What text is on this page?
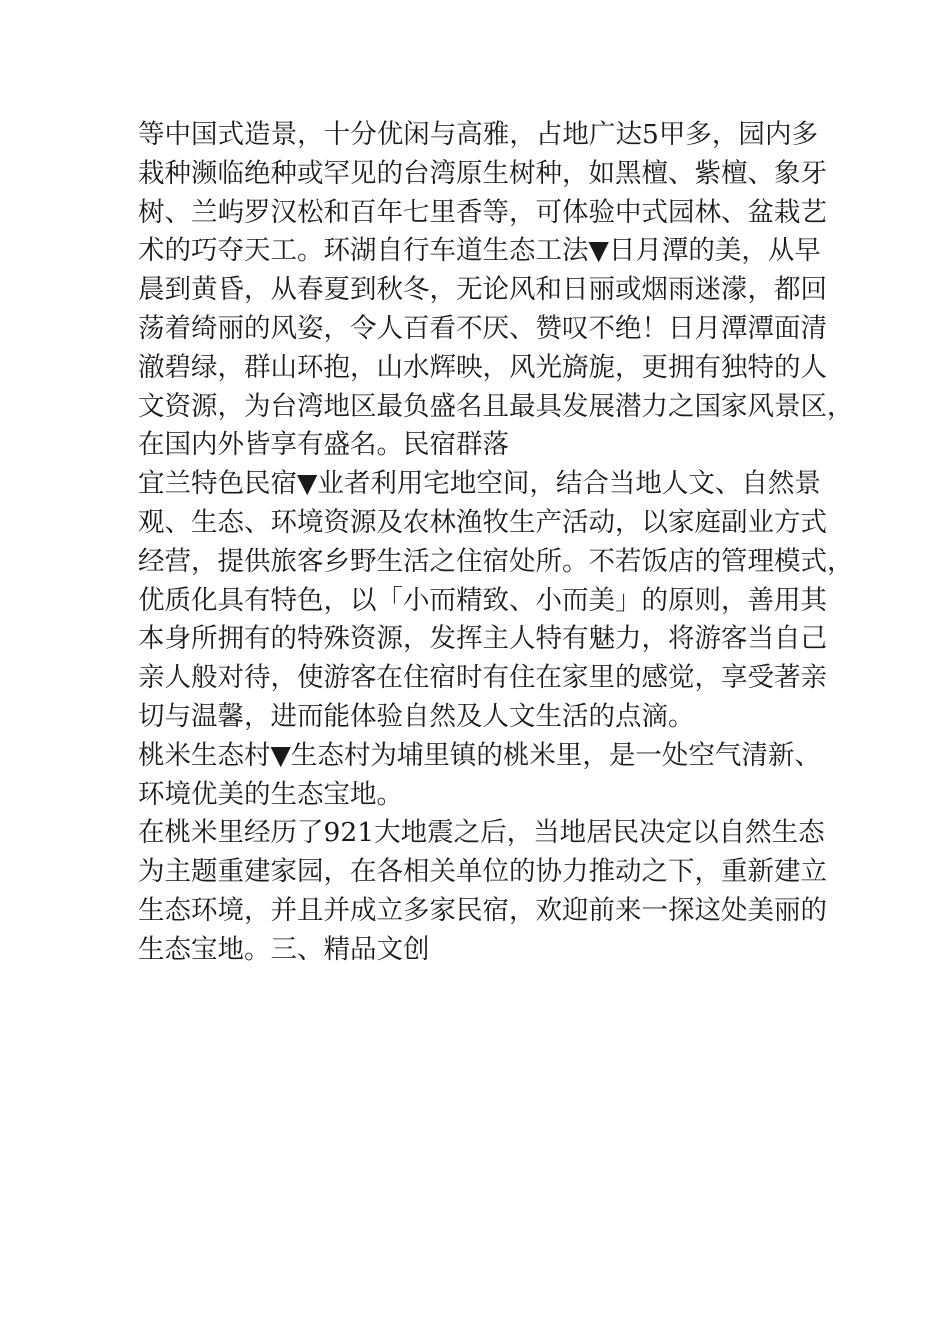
等中国式造景，十分优闲与高雅，占地广达5甲多，园内多
栽种濒临绝种或罕见的台湾原生树种，如黑檀、紫檀、象牙
树、兰屿罗汉松和百年七里香等，可体验中式园林、盆栽艺
术的巧夺天工。环湖自行车道生态工法▼日月潭的美，从早
晨到黄昏，从春夏到秋冬，无论风和日丽或烟雨迷濛，都回
荡着绮丽的风姿，令人百看不厌、赞叹不绝！日月潭潭面清
澈碧绿，群山环抱，山水辉映，风光旖旎，更拥有独特的人
文资源，为台湾地区最负盛名且最具发展潜力之国家风景区，
在国内外皆享有盛名。民宿群落
宜兰特色民宿▼业者利用宅地空间，结合当地人文、自然景
观、生态、环境资源及农林渔牧生产活动，以家庭副业方式
经营，提供旅客乡野生活之住宿处所。不若饭店的管理模式，
优质化具有特色，以「小而精致、小而美」的原则，善用其
本身所拥有的特殊资源，发挥主人特有魅力，将游客当自己
亲人般对待，使游客在住宿时有住在家里的感觉，享受著亲
切与温馨，进而能体验自然及人文生活的点滴。
桃米生态村▼生态村为埔里镇的桃米里，是一处空气清新、
环境优美的生态宝地。
在桃米里经历了921大地震之后，当地居民决定以自然生态
为主题重建家园，在各相关单位的协力推动之下，重新建立
生态环境，并且并成立多家民宿，欢迎前来一探这处美丽的
生态宝地。三、精品文创
